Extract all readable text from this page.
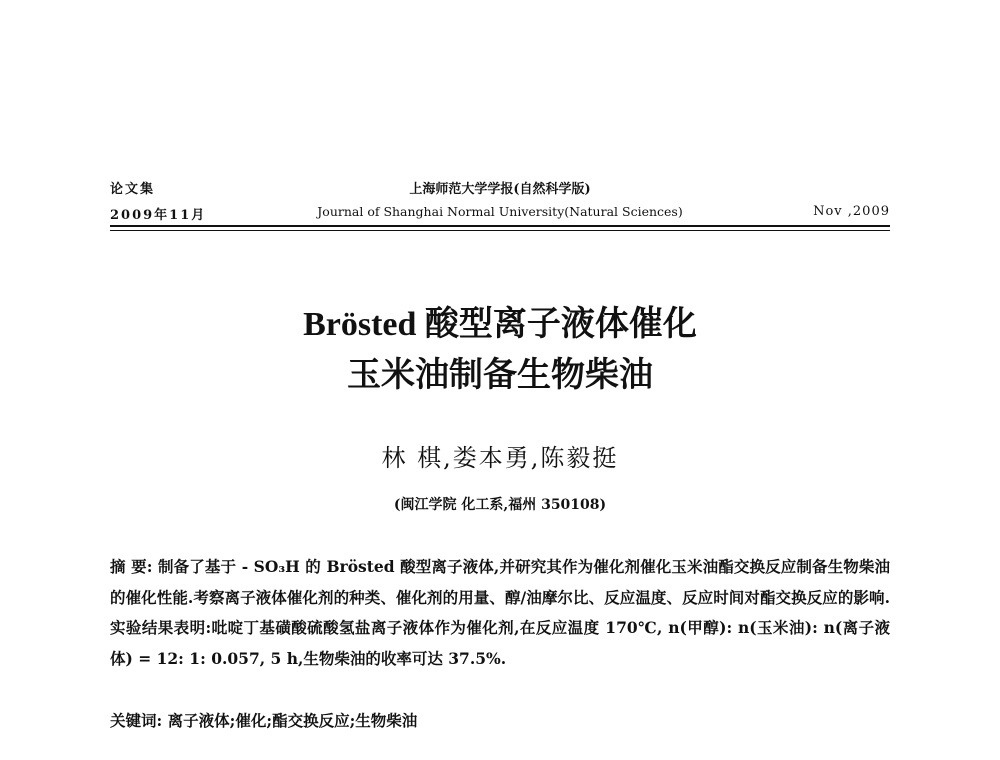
论文集	上海师范大学学报(自然科学版)
2009年11月	Journal of Shanghai Normal University(Natural Sciences)	Nov ,2009
Brösted 酸型离子液体催化
玉米油制备生物柴油
林 棋,娄本勇,陈毅挺
(闽江学院 化工系,福州 350108)
摘 要: 制备了基于 - SO₃H 的 Brösted 酸型离子液体,并研究其作为催化剂催化玉米油酯交换反应制备生物柴油的催化性能.考察离子液体催化剂的种类、催化剂的用量、醇/油摩尔比、反应温度、反应时间对酯交换反应的影响.实验结果表明:吡啶丁基磺酸硫酸氢盐离子液体作为催化剂,在反应温度 170℃, n(甲醇): n(玉米油): n(离子液体) = 12: 1: 0.057, 5 h,生物柴油的收率可达 37.5%.
关键词: 离子液体;催化;酯交换反应;生物柴油
